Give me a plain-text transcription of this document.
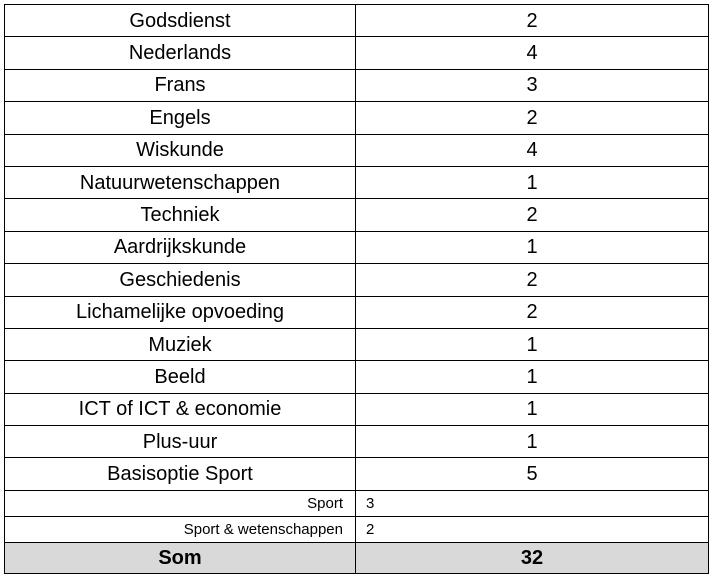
Godsdienst	2
Nederlands	4
Frans	3
Engels	2
Wiskunde	4
Natuurwetenschappen	1
Techniek	2
Aardrijkskunde	1
Geschiedenis	2
Lichamelijke opvoeding	2
Muziek	1
Beeld	1
ICT of ICT & economie	1
Plus-uur	1
Basisoptie Sport	5
Sport	3
Sport & wetenschappen	2
Som	32
